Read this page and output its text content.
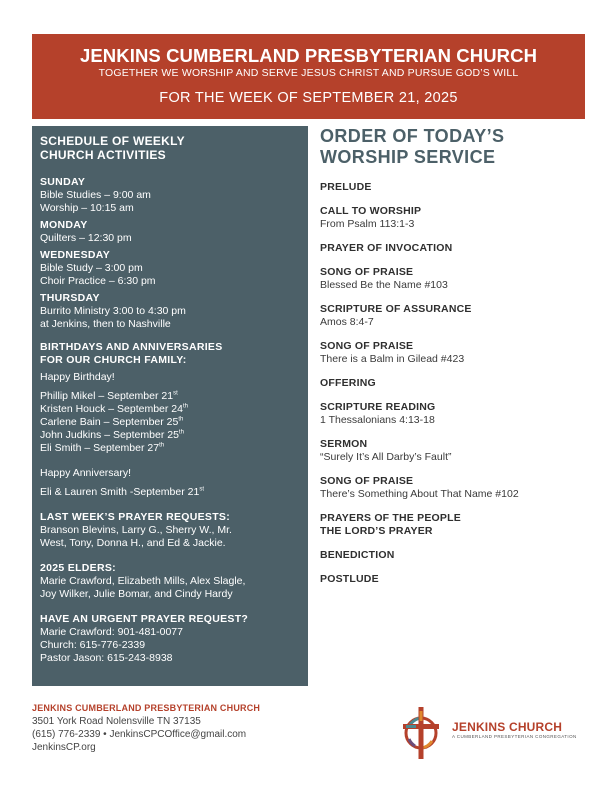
JENKINS CUMBERLAND PRESBYTERIAN CHURCH
TOGETHER WE WORSHIP AND SERVE JESUS CHRIST AND PURSUE GOD’S WILL
FOR THE WEEK OF SEPTEMBER 21, 2025
SCHEDULE OF WEEKLY
CHURCH ACTIVITIES
SUNDAY
Bible Studies – 9:00 am
Worship – 10:15 am
MONDAY
Quilters – 12:30 pm
WEDNESDAY
Bible Study – 3:00 pm
Choir Practice – 6:30 pm
THURSDAY
Burrito Ministry 3:00 to 4:30 pm
at Jenkins, then to Nashville
BIRTHDAYS AND ANNIVERSARIES
FOR OUR CHURCH FAMILY:
Happy Birthday!
Phillip Mikel – September 21st
Kristen Houck – September 24th
Carlene Bain – September 25th
John Judkins – September 25th
Eli Smith – September 27th
Happy Anniversary!
Eli & Lauren Smith -September 21st
LAST WEEK’S PRAYER REQUESTS:
Branson Blevins, Larry G., Sherry W., Mr.
West, Tony, Donna H., and Ed & Jackie.
2025 ELDERS:
Marie Crawford, Elizabeth Mills, Alex Slagle,
Joy Wilker, Julie Bomar, and Cindy Hardy
HAVE AN URGENT PRAYER REQUEST?
Marie Crawford: 901-481-0077
Church: 615-776-2339
Pastor Jason: 615-243-8938
ORDER OF TODAY’S
WORSHIP SERVICE
PRELUDE
CALL TO WORSHIP
From Psalm 113:1-3
PRAYER OF INVOCATION
SONG OF PRAISE
Blessed Be the Name #103
SCRIPTURE OF ASSURANCE
Amos 8:4-7
SONG OF PRAISE
There is a Balm in Gilead #423
OFFERING
SCRIPTURE READING
1 Thessalonians 4:13-18
SERMON
“Surely It’s All Darby’s Fault”
SONG OF PRAISE
There’s Something About That Name #102
PRAYERS OF THE PEOPLE
THE LORD’S PRAYER
BENEDICTION
POSTLUDE
JENKINS CUMBERLAND PRESBYTERIAN CHURCH
3501 York Road Nolensville TN 37135
(615) 776-2339 • JenkinsCPCOffice@gmail.com
JenkinsCP.org
JENKINS CHURCH
A CUMBERLAND PRESBYTERIAN CONGREGATION
